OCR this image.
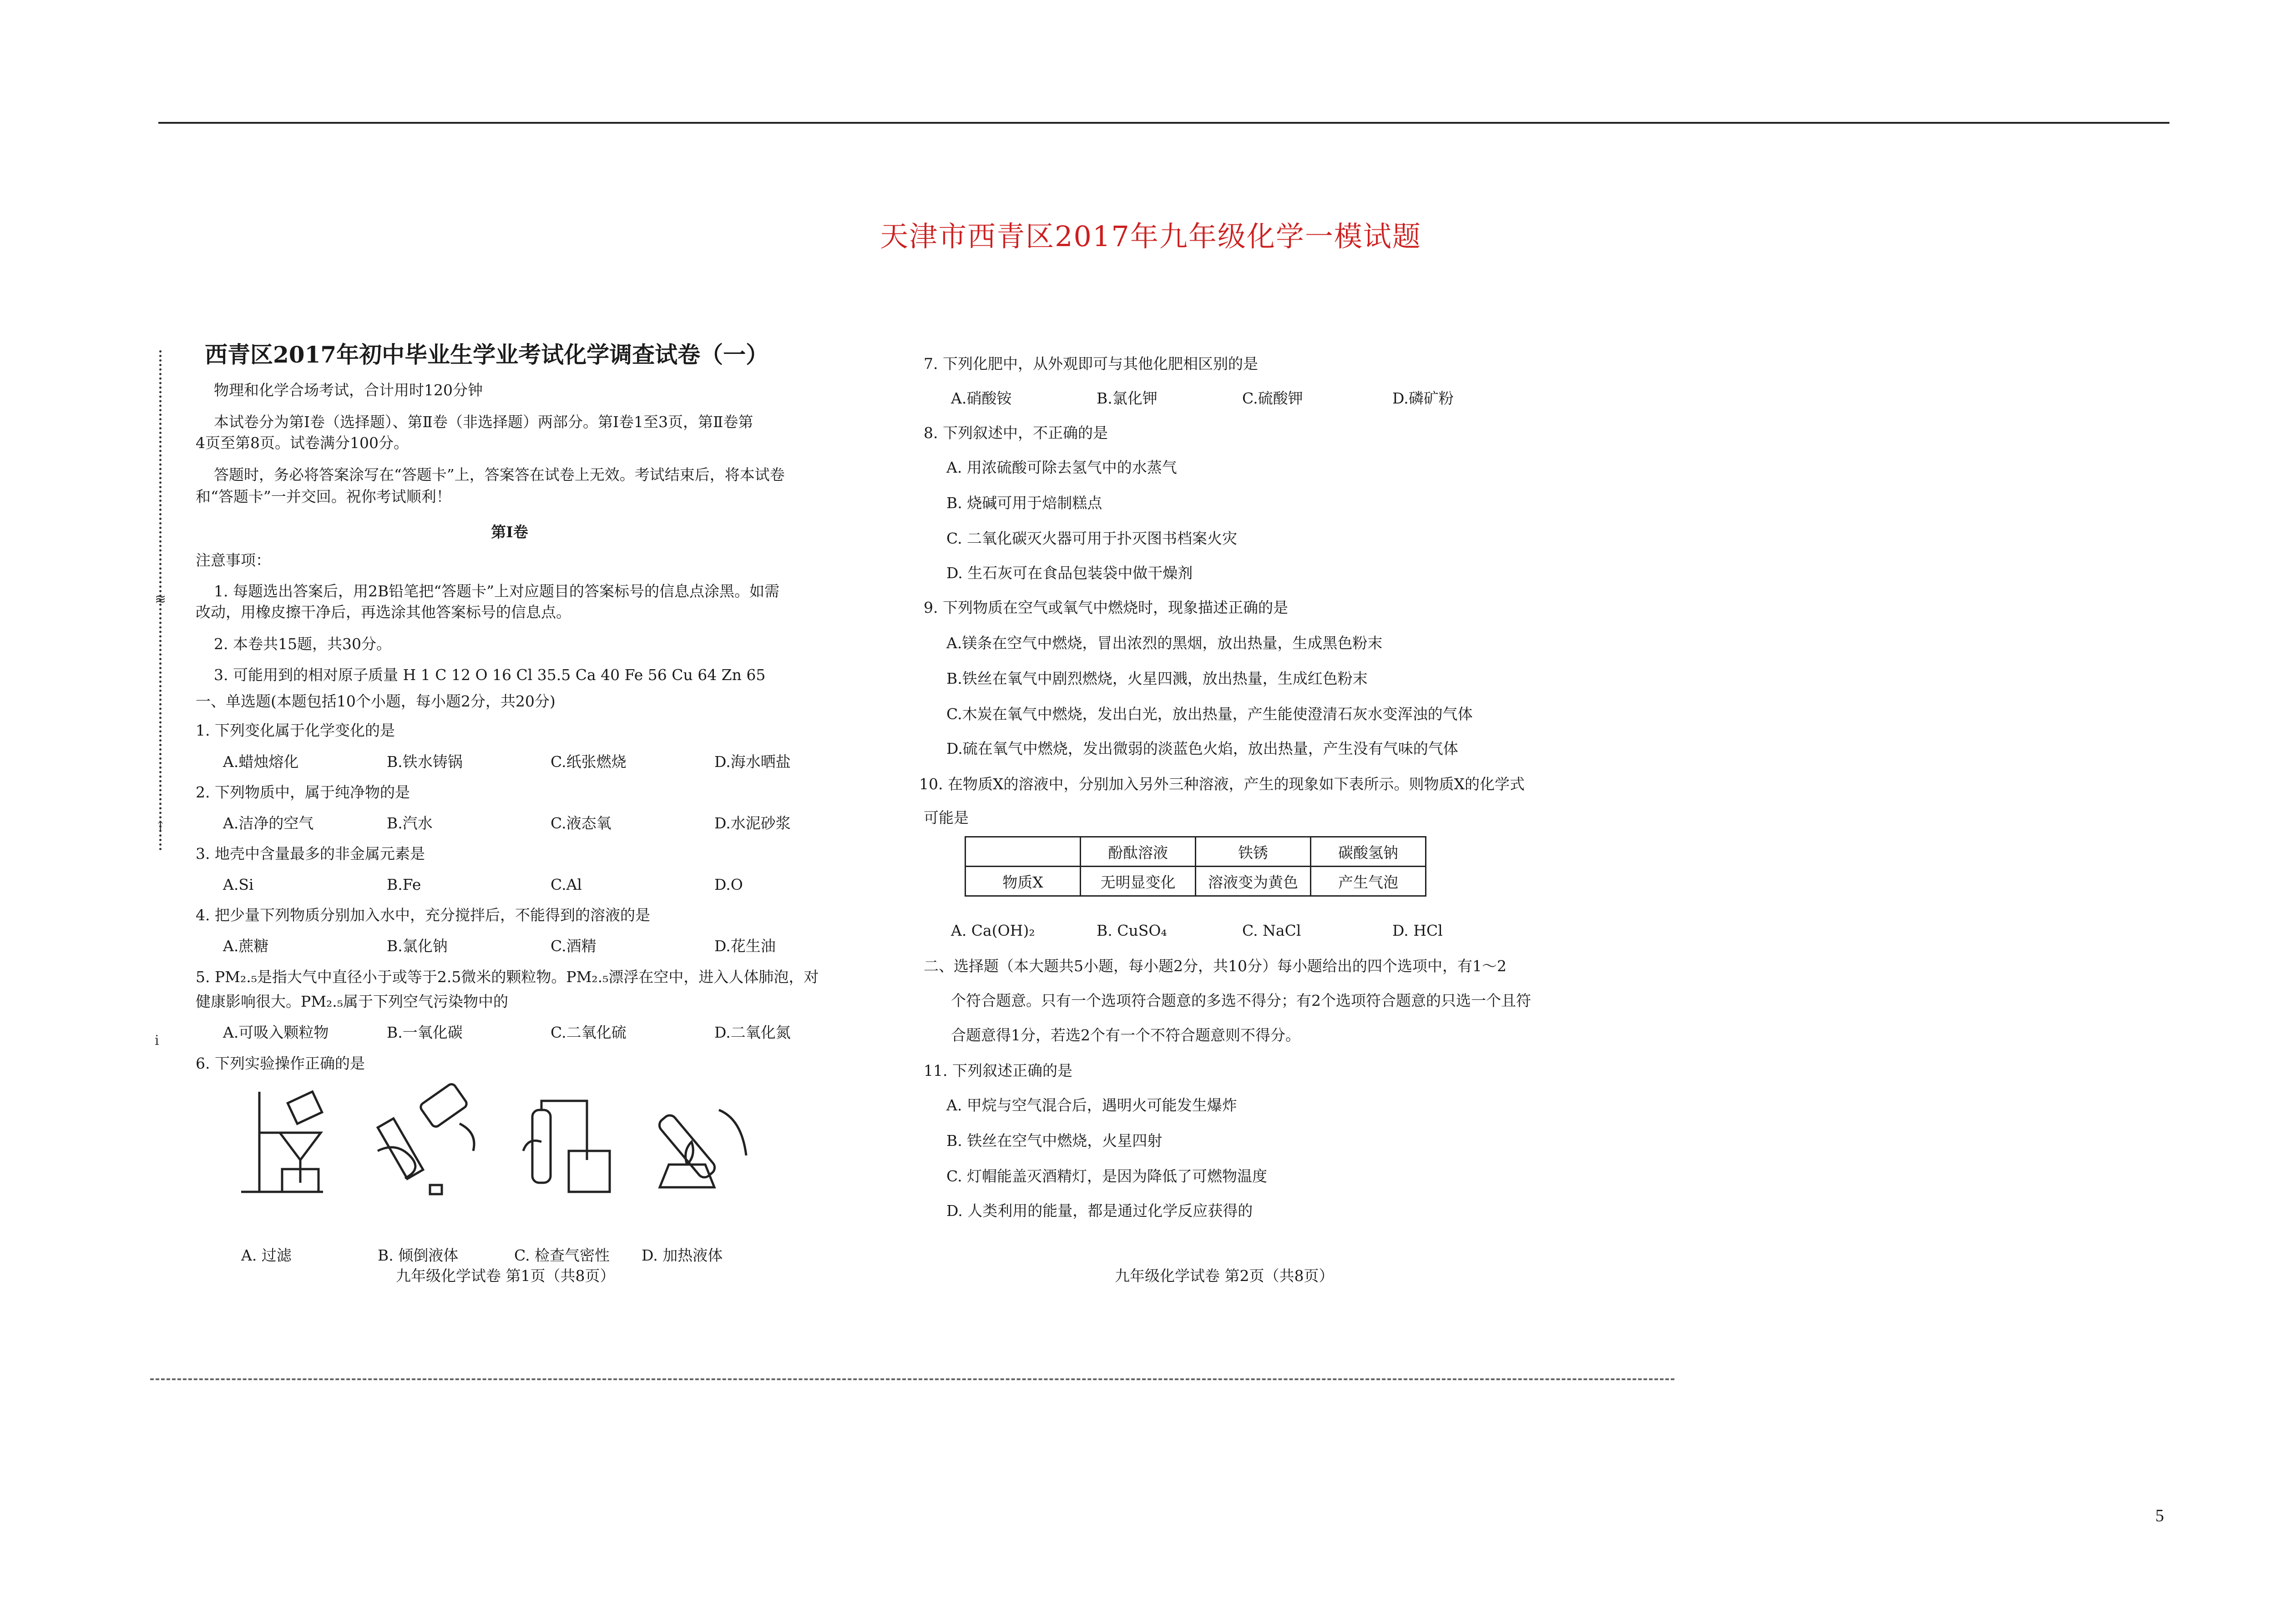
天津市西青区2017年九年级化学一模试题
≋
↑
ⅰ
西青区2017年初中毕业生学业考试化学调查试卷（一）
物理和化学合场考试，合计用时120分钟
本试卷分为第Ⅰ卷（选择题）、第Ⅱ卷（非选择题）两部分。第Ⅰ卷1至3页，第Ⅱ卷第
4页至第8页。试卷满分100分。
答题时，务必将答案涂写在“答题卡”上，答案答在试卷上无效。考试结束后，将本试卷
和“答题卡”一并交回。祝你考试顺利！
第Ⅰ卷
注意事项：
1. 每题选出答案后，用2B铅笔把“答题卡”上对应题目的答案标号的信息点涂黑。如需
改动，用橡皮擦干净后，再选涂其他答案标号的信息点。
2. 本卷共15题，共30分。
3. 可能用到的相对原子质量 H 1 C 12 O 16 Cl 35.5 Ca 40 Fe 56 Cu 64 Zn 65
一、单选题(本题包括10个小题，每小题2分，共20分)
1. 下列变化属于化学变化的是
A.蜡烛熔化	B.铁水铸锅	C.纸张燃烧	D.海水晒盐
2. 下列物质中，属于纯净物的是
A.洁净的空气	B.汽水	C.液态氧	D.水泥砂浆
3. 地壳中含量最多的非金属元素是
A.Si	B.Fe	C.Al	D.O
4. 把少量下列物质分别加入水中，充分搅拌后，不能得到的溶液的是
A.蔗糖	B.氯化钠	C.酒精	D.花生油
5. PM₂.₅是指大气中直径小于或等于2.5微米的颗粒物。PM₂.₅漂浮在空中，进入人体肺泡，对
健康影响很大。PM₂.₅属于下列空气污染物中的
A.可吸入颗粒物	B.一氧化碳	C.二氧化硫	D.二氧化氮
6. 下列实验操作正确的是
A. 过滤	B. 倾倒液体	C. 检查气密性 D. 加热液体
九年级化学试卷 第1页（共8页）
7. 下列化肥中，从外观即可与其他化肥相区别的是
A.硝酸铵	B.氯化钾	C.硫酸钾	D.磷矿粉
8. 下列叙述中，不正确的是
A. 用浓硫酸可除去氢气中的水蒸气
B. 烧碱可用于焙制糕点
C. 二氧化碳灭火器可用于扑灭图书档案火灾
D. 生石灰可在食品包装袋中做干燥剂
9. 下列物质在空气或氧气中燃烧时，现象描述正确的是
A.镁条在空气中燃烧，冒出浓烈的黑烟，放出热量，生成黑色粉末
B.铁丝在氧气中剧烈燃烧，火星四溅，放出热量，生成红色粉末
C.木炭在氧气中燃烧，发出白光，放出热量，产生能使澄清石灰水变浑浊的气体
D.硫在氧气中燃烧，发出微弱的淡蓝色火焰，放出热量，产生没有气味的气体
10. 在物质X的溶液中，分别加入另外三种溶液，产生的现象如下表所示。则物质X的化学式
可能是
	酚酞溶液	铁锈	碳酸氢钠
物质X	无明显变化	溶液变为黄色	产生气泡
A. Ca(OH)₂	B. CuSO₄	C. NaCl	D. HCl
二、选择题（本大题共5小题，每小题2分，共10分）每小题给出的四个选项中，有1～2
个符合题意。只有一个选项符合题意的多选不得分；有2个选项符合题意的只选一个且符
合题意得1分，若选2个有一个不符合题意则不得分。
11. 下列叙述正确的是
A. 甲烷与空气混合后，遇明火可能发生爆炸
B. 铁丝在空气中燃烧，火星四射
C. 灯帽能盖灭酒精灯，是因为降低了可燃物温度
D. 人类利用的能量，都是通过化学反应获得的
九年级化学试卷 第2页（共8页）
5
